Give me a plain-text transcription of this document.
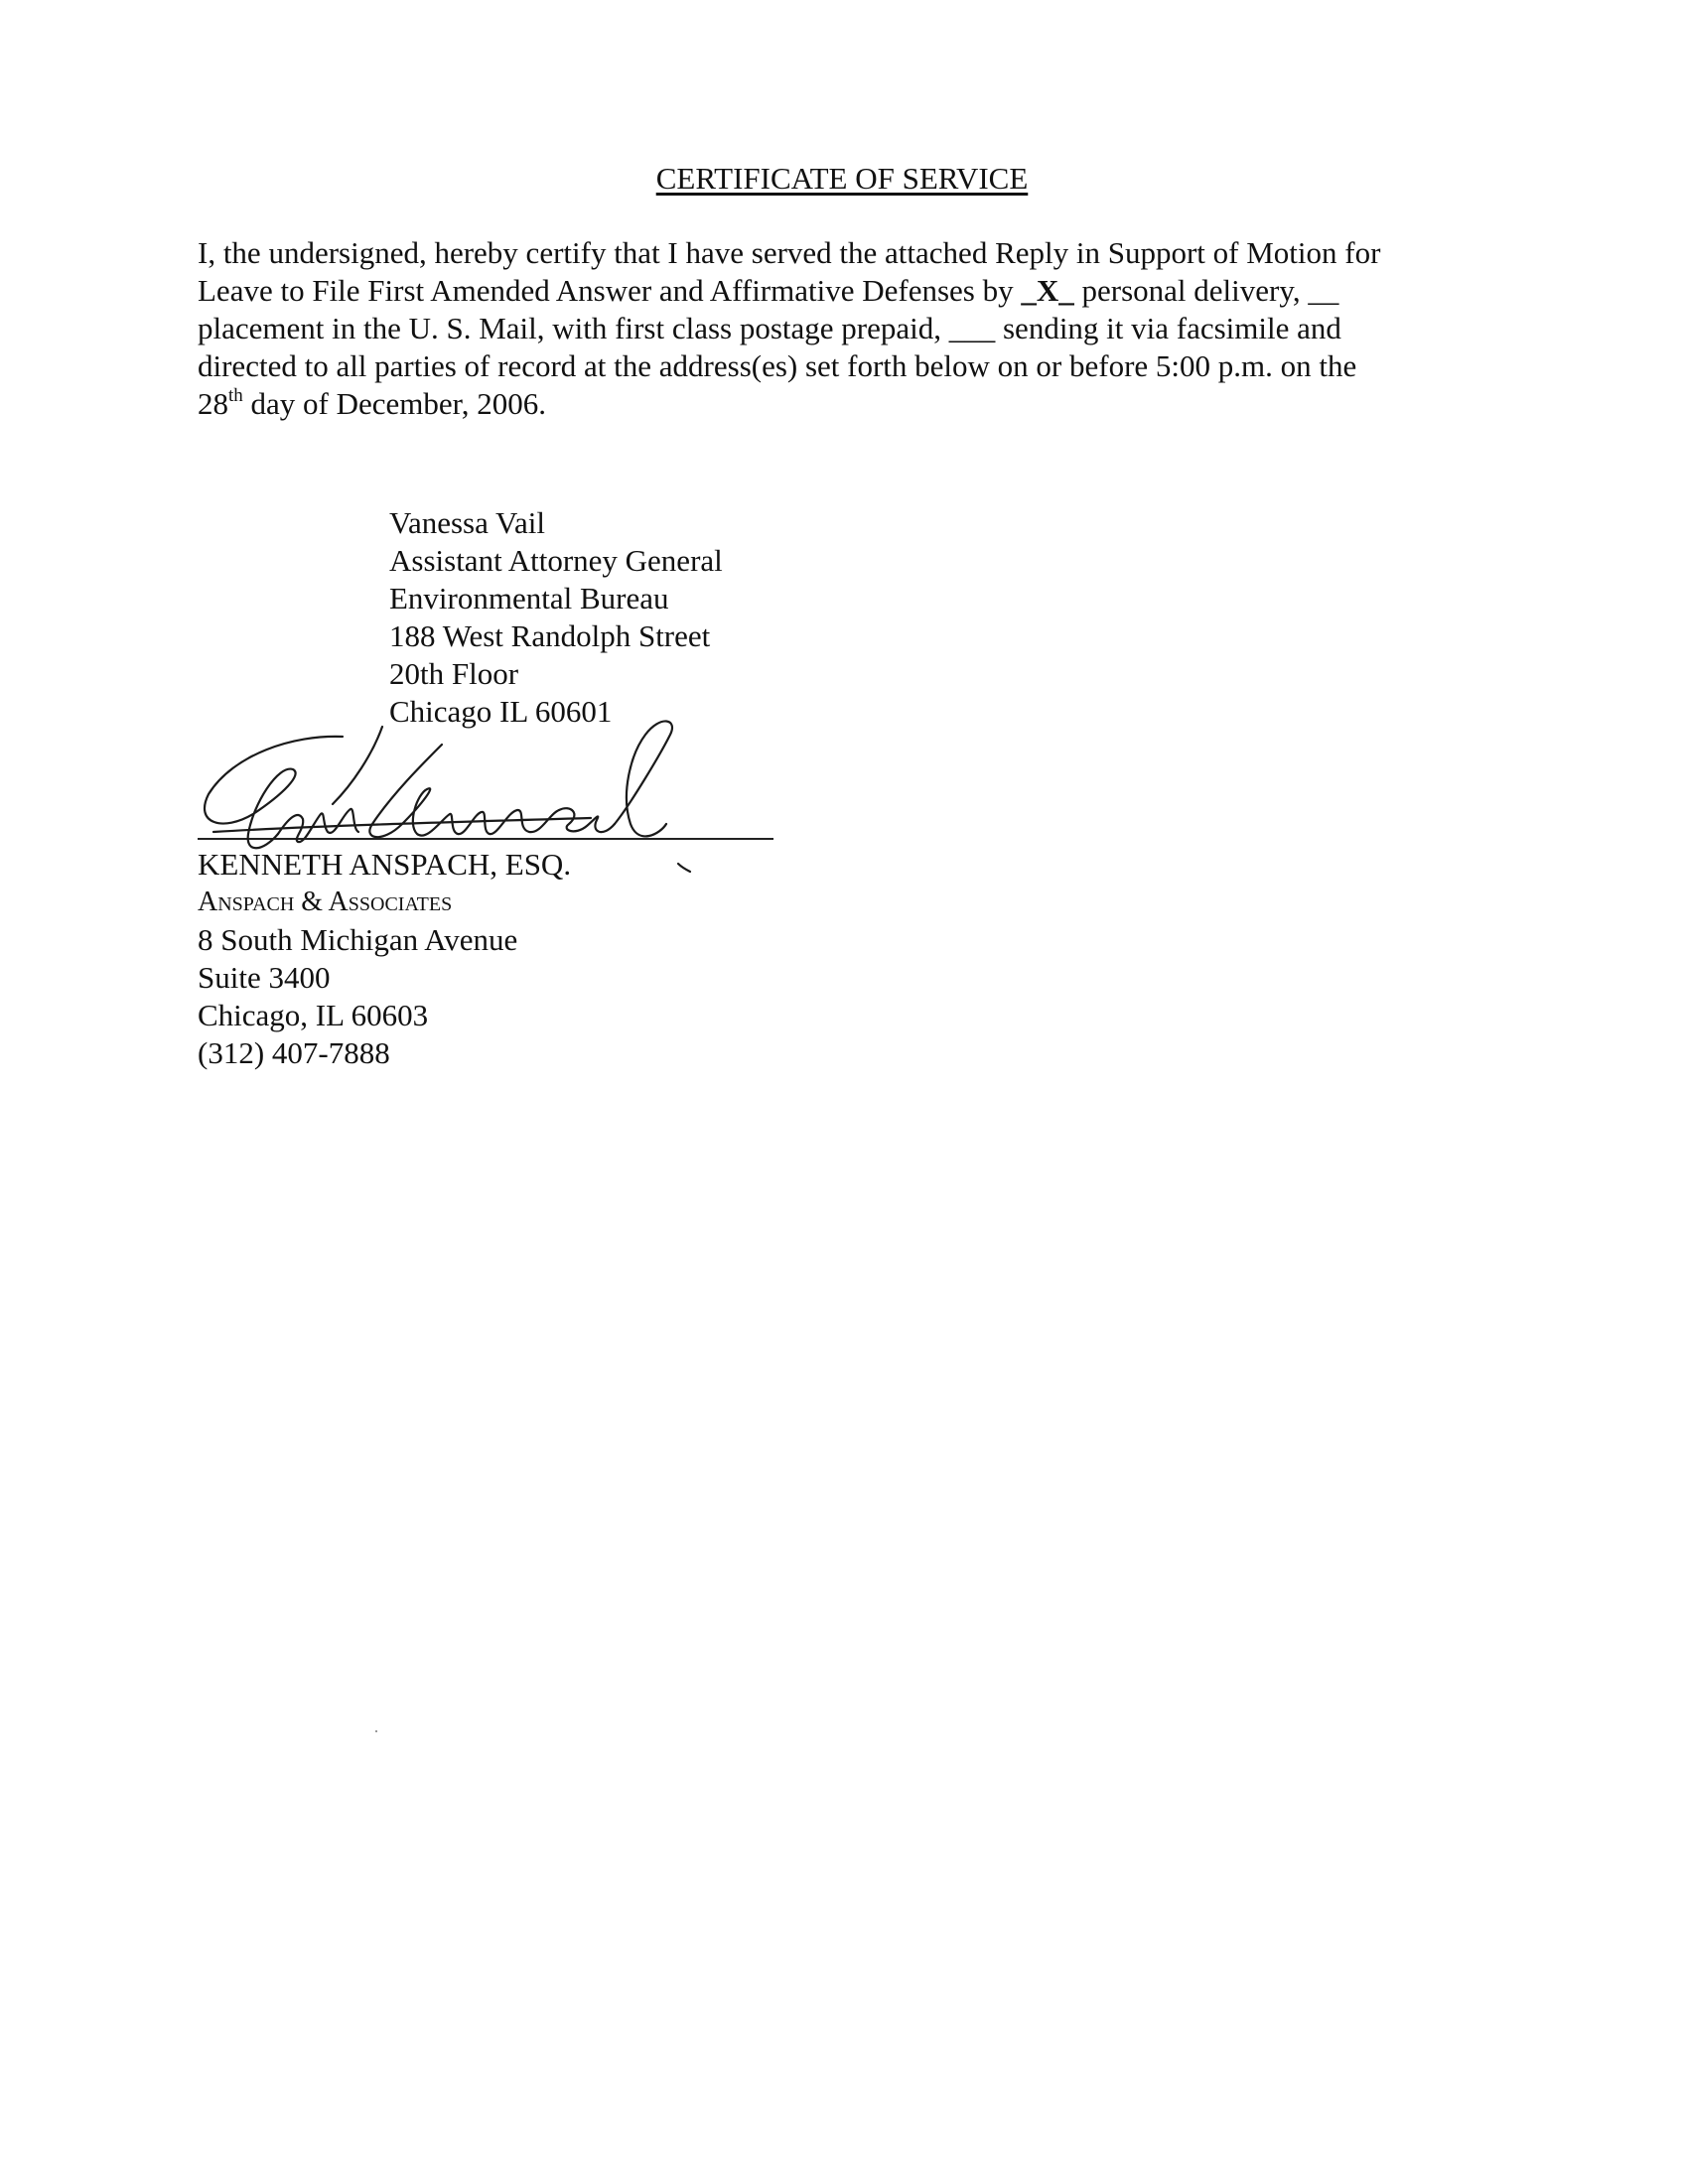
CERTIFICATE OF SERVICE
I, the undersigned, hereby certify that I have served the attached Reply in Support of Motion for
Leave to File First Amended Answer and Affirmative Defenses by _X_ personal delivery, __
placement in the U. S. Mail, with first class postage prepaid, ___ sending it via facsimile and
directed to all parties of record at the address(es) set forth below on or before 5:00 p.m. on the
28th day of December, 2006.
Vanessa Vail
Assistant Attorney General
Environmental Bureau
188 West Randolph Street
20th Floor
Chicago IL 60601
KENNETH ANSPACH, ESQ.
Anspach & Associates
8 South Michigan Avenue
Suite 3400
Chicago, IL 60603
(312) 407-7888
